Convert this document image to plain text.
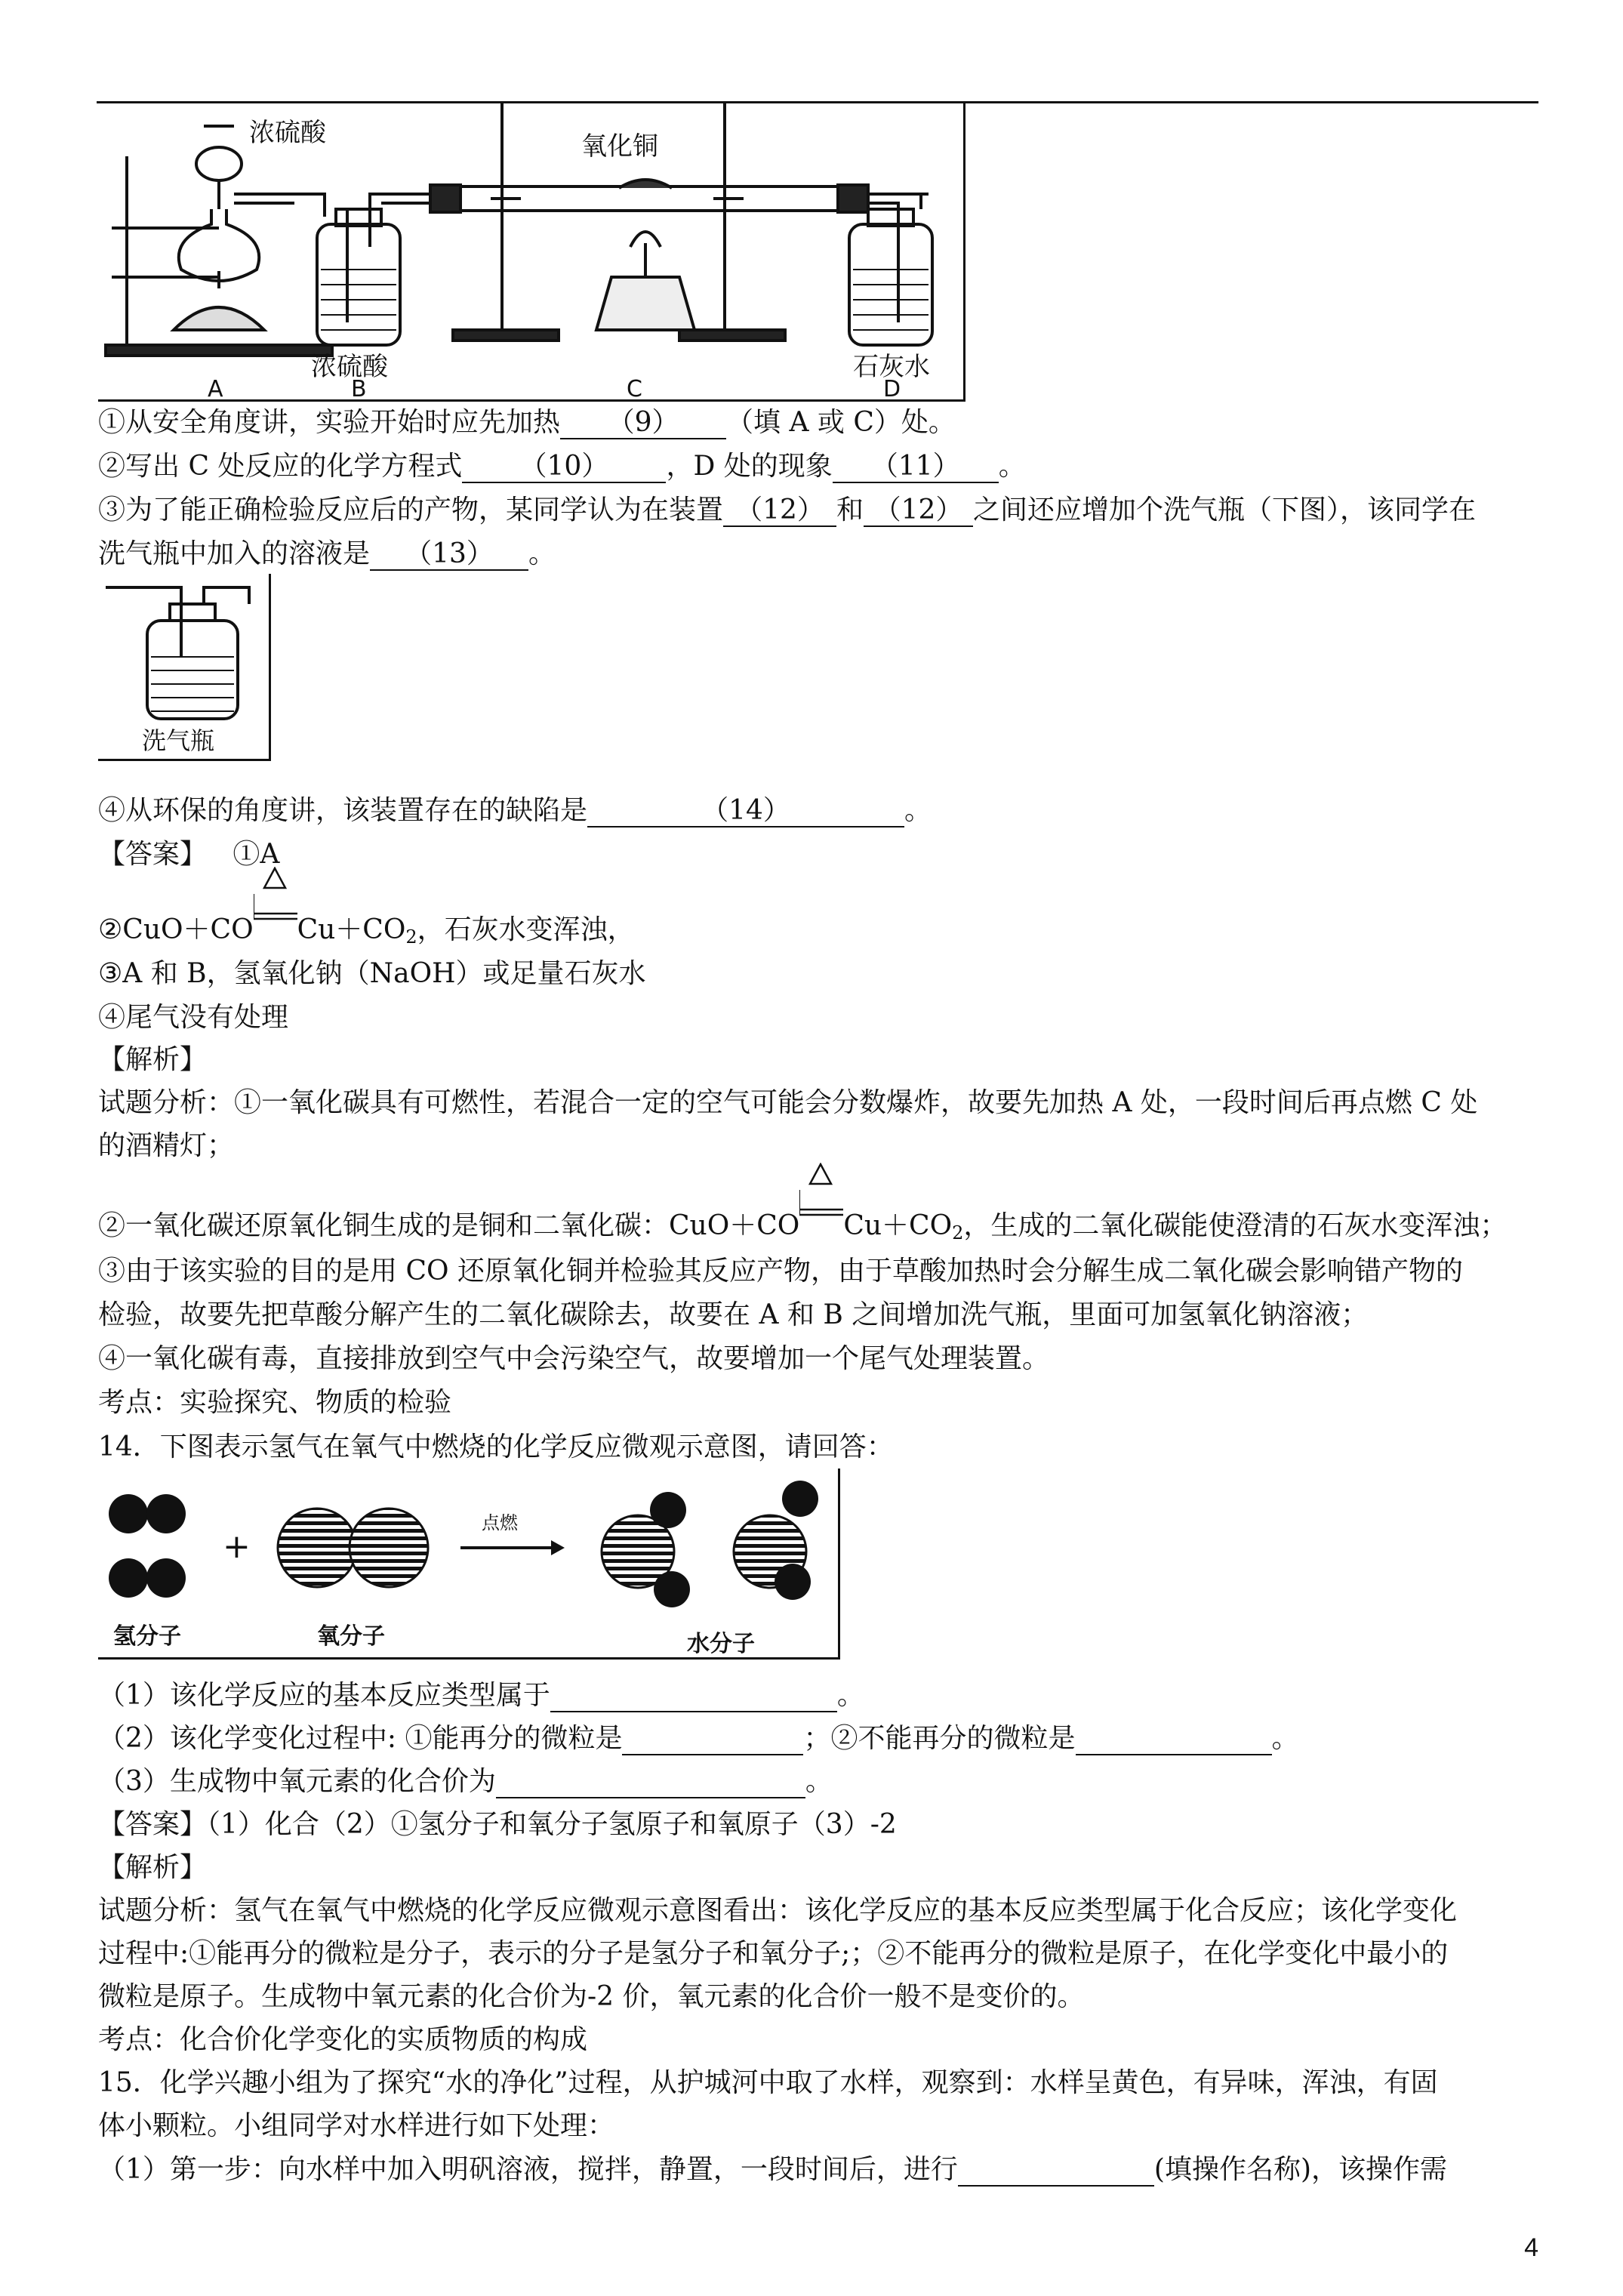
浓硫酸	氧化铜
浓硫酸	石灰水
A	B	C	D
①从安全角度讲，实验开始时应先加热 （9） （填 A 或 C）处。
②写出 C 处反应的化学方程式 （10） ，D 处的现象 （11） 。
③为了能正确检验反应后的产物，某同学认为在装置 （12） 和 （12） 之间还应增加个洗气瓶（下图），该同学在
洗气瓶中加入的溶液是 （13） 。
洗气瓶
④从环保的角度讲，该装置存在的缺陷是	（14）	。
【答案】 ①A
②CuO＋CO $Cu+CO_2$，石灰水变浑浊，
③A 和 B，氢氧化钠（NaOH）或足量石灰水
④尾气没有处理
【解析】
试题分析：①一氧化碳具有可燃性，若混合一定的空气可能会分数爆炸，故要先加热 A 处，一段时间后再点燃 C 处
的酒精灯；
②一氧化碳还原氧化铜生成的是铜和二氧化碳：CuO＋CO $Cu+CO_2$，生成的二氧化碳能使澄清的石灰水变浑浊；
③由于该实验的目的是用 CO 还原氧化铜并检验其反应产物，由于草酸加热时会分解生成二氧化碳会影响错产物的
检验，故要先把草酸分解产生的二氧化碳除去，故要在 A 和 B 之间增加洗气瓶，里面可加氢氧化钠溶液；
④一氧化碳有毒，直接排放到空气中会污染空气，故要增加一个尾气处理装置。
考点：实验探究、物质的检验
14．下图表示氢气在氧气中燃烧的化学反应微观示意图，请回答：
+
点燃
氢分子	氧分子	水分子
（1）该化学反应的基本反应类型属于	。
（2）该化学变化过程中: ①能再分的微粒是	；②不能再分的微粒是	。
（3）生成物中氧元素的化合价为	。
【答案】（1）化合（2）①氢分子和氧分子氢原子和氧原子（3）-2
【解析】
试题分析：氢气在氧气中燃烧的化学反应微观示意图看出：该化学反应的基本反应类型属于化合反应；该化学变化
过程中:①能再分的微粒是分子，表示的分子是氢分子和氧分子;；②不能再分的微粒是原子，在化学变化中最小的
微粒是原子。生成物中氧元素的化合价为-2 价，氧元素的化合价一般不是变价的。
考点：化合价化学变化的实质物质的构成
15．化学兴趣小组为了探究“水的净化”过程，从护城河中取了水样，观察到：水样呈黄色，有异味，浑浊，有固
体小颗粒。小组同学对水样进行如下处理：
（1）第一步：向水样中加入明矾溶液，搅拌，静置，一段时间后，进行	(填操作名称)，该操作需
4
